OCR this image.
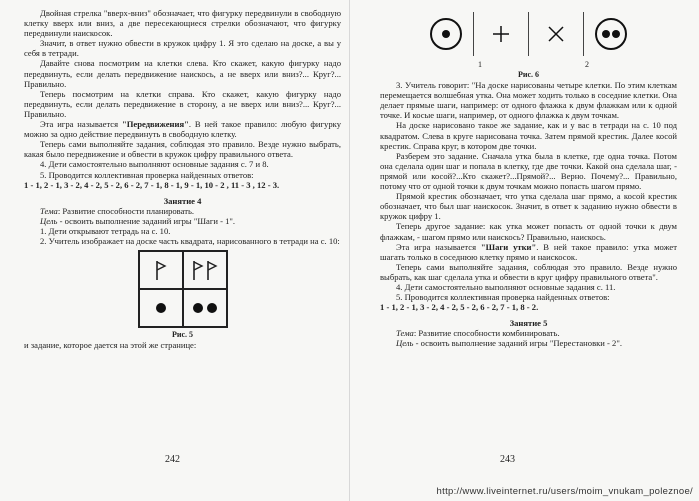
Двойная стрелка "вверх-вниз" обозначает, что фигурку передвинули в свободную клетку вверх или вниз, а две пересекающиеся стрелки обозначают, что фигурку передвинули наискосок.

Значит, в ответ нужно обвести в кружок цифру 1. Я это сделаю на доске, а вы у себя в тетради.

Давайте снова посмотрим на клетки слева. Кто скажет, какую фигурку надо передвинуть, если делать передвижение наискось, а не вверх или вниз?... Круг?... Правильно.

Теперь посмотрим на клетки справа. Кто скажет, какую фигурку надо передвинуть, если делать передвижение в сторону, а не вверх или вниз?... Круг?... Правильно.

Эта игра называется "Передвижения". В ней такое правило: любую фигурку можно за одно действие передвинуть в свободную клетку.

Теперь сами выполняйте задания, соблюдая это правило. Везде нужно выбрать, какая было передвижение и обвести в кружок цифру правильного ответа.

4. Дети самостоятельно выполняют основные задания с. 7 и 8.

5. Проводится коллективная проверка найденных ответов:

1 - 1, 2 - 1, 3 - 2, 4 - 2, 5 - 2, 6 - 2, 7 - 1, 8 - 1, 9 - 1, 10 - 2 , 11 - 3 , 12 - 3.

Занятие 4

Тема: Развитие способности планировать.

Цель - освоить выполнение заданий игры "Шаги - 1".

1. Дети открывают тетрадь на с. 10.

2. Учитель изображает на доске часть квадрата, нарисованного в тетради на с. 10:

Рис. 5

и задание, которое дается на этой же странице:

242
1	2

Рис. 6

3. Учитель говорит: "На доске нарисованы четыре клетки. По этим клеткам перемещается волшебная утка. Она может ходить только в соседние клетки. Она делает прямые шаги, например: от одного флажка к двум флажкам или к одной точке. И косые шаги, например, от одного флажка к двум точкам.

На доске нарисовано такое же задание, как и у вас в тетради на с. 10 под квадратом. Слева в круге нарисована точка. Затем прямой крестик. Далее косой крестик. Справа круг, в котором две точки.

Разберем это задание. Сначала утка была в клетке, где одна точка. Потом она сделала один шаг и попала в клетку, где две точки. Какой она сделала шаг, - прямой или косой?...Кто скажет?...Прямой?... Верно. Почему?... Правильно, потому что от одной точки к двум точкам можно попасть шагом прямо.

Прямой крестик обозначает, что утка сделала шаг прямо, а косой крестик обозначает, что был шаг наискосок. Значит, в ответ к заданию нужно обвести в кружок цифру 1.

Теперь другое задание: как утка может попасть от одной точки к двум флажкам, - шагом прямо или наискось? Правильно, наискось.

Эта игра называется "Шаги утки". В ней такое правило: утка может шагать только в соседнюю клетку прямо и наискосок.

Теперь сами выполняйте задания, соблюдая это правило. Везде нужно выбрать, как шаг сделала утка и обвести в круг цифру правильного ответа".

4. Дети самостоятельно выполняют основные задания с. 11.

5. Проводится коллективная проверка найденных ответов:

1 - 1, 2 - 1, 3 - 2, 4 - 2, 5 - 2, 6 - 2, 7 - 1, 8 - 2.

Занятие 5

Тема: Развитие способности комбинировать.

Цель - освоить выполнение заданий игры "Перестановки - 2".

243
http://www.liveinternet.ru/users/moim_vnukam_poleznoe/
